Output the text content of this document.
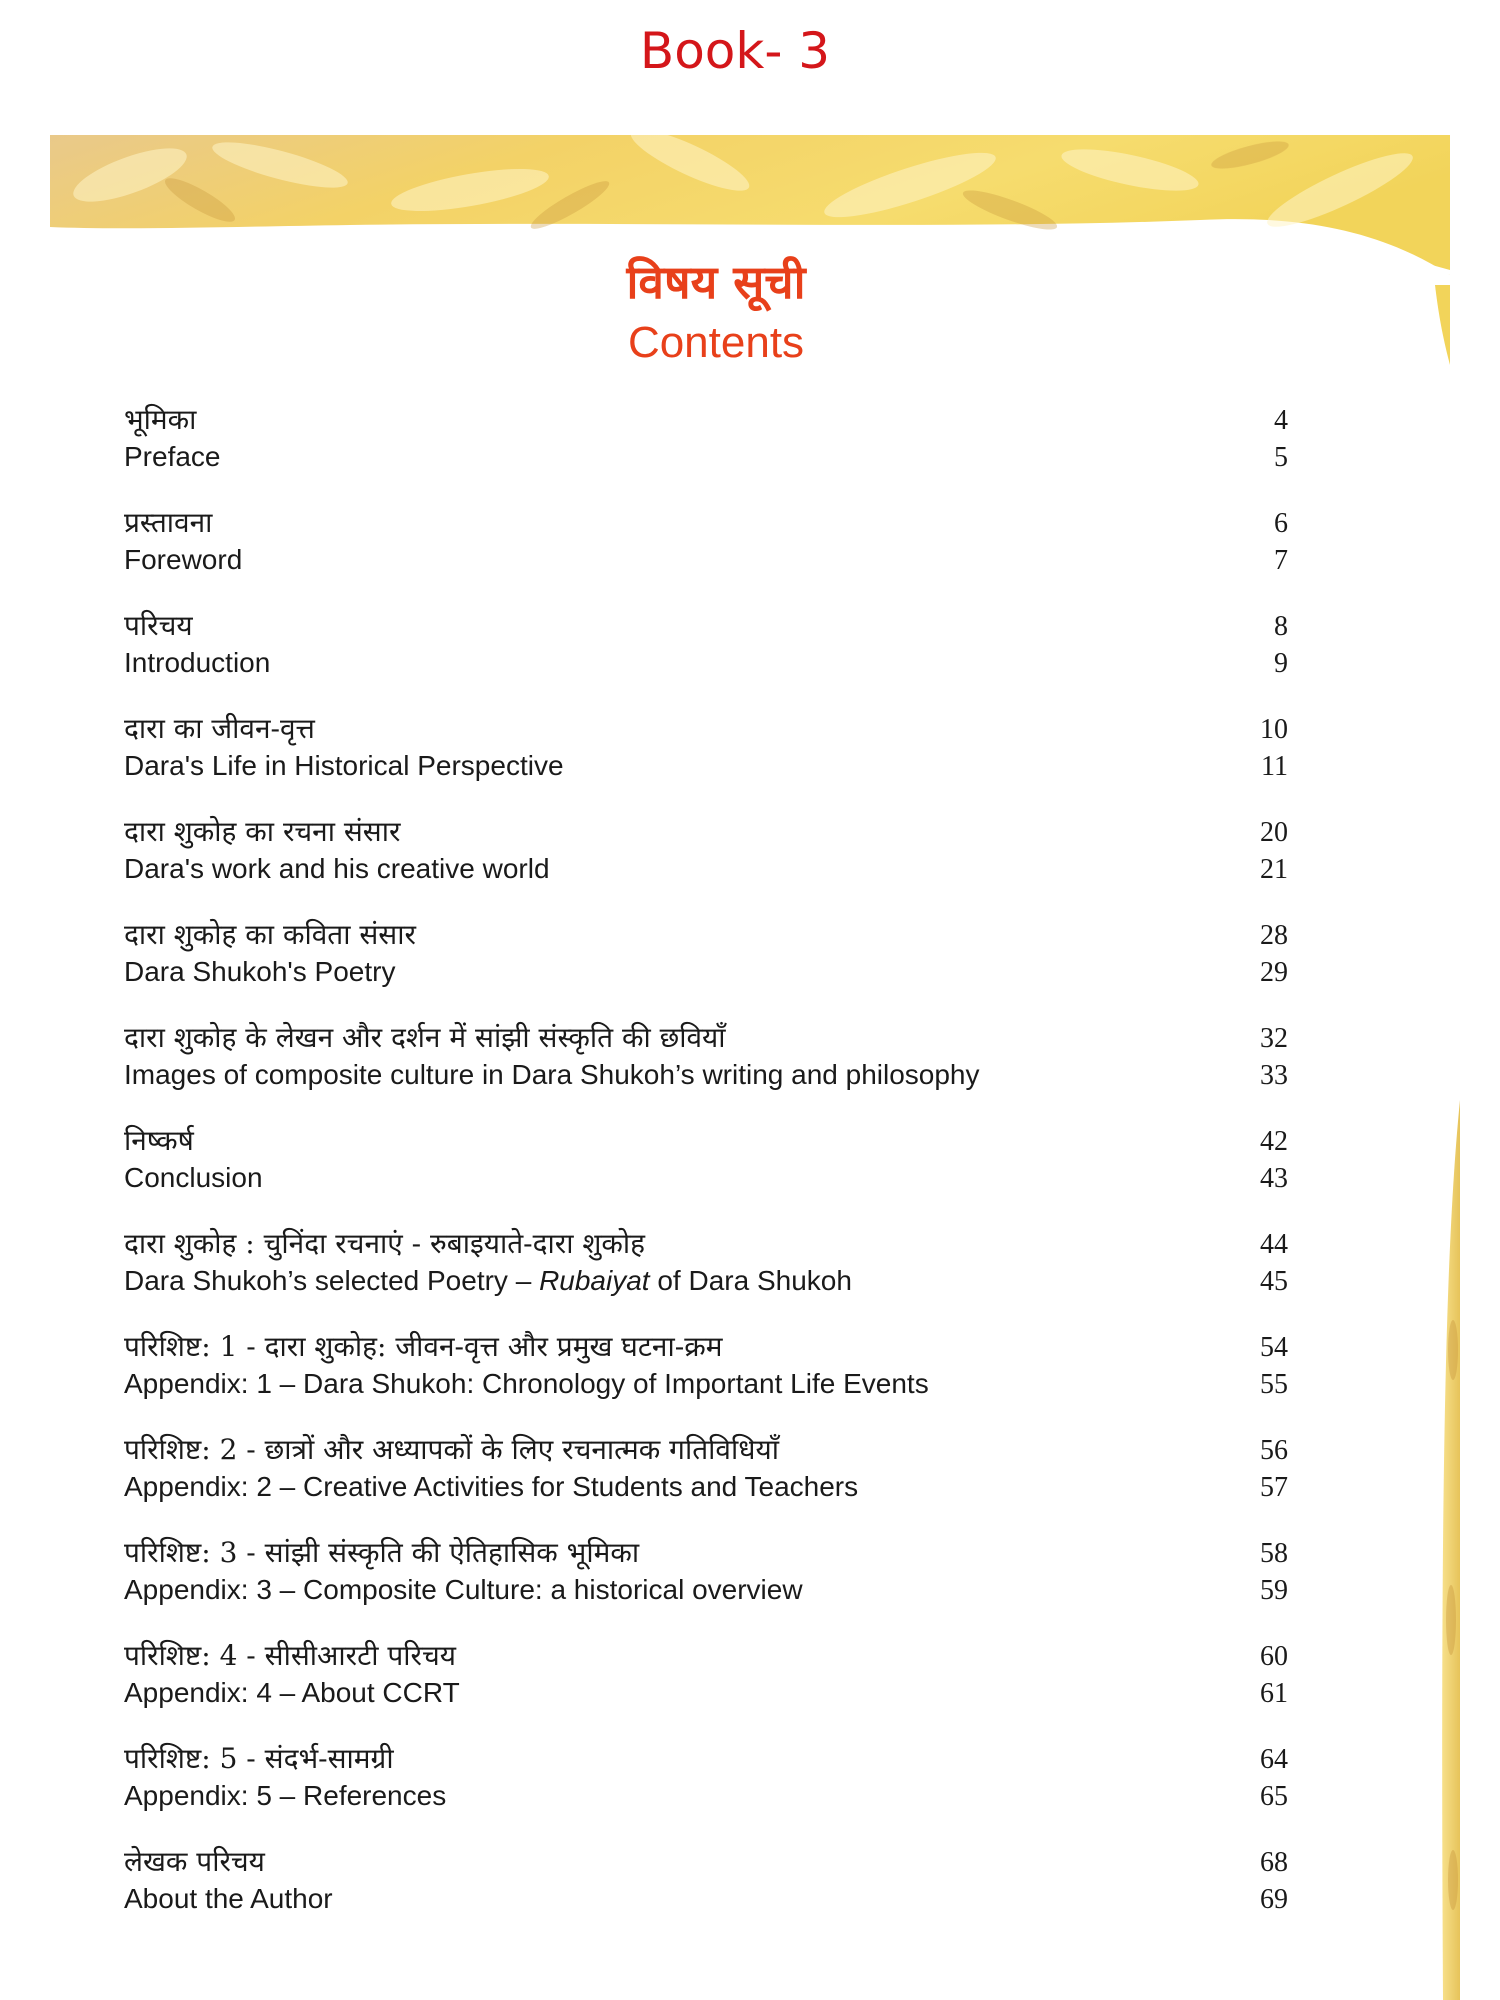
Book- 3
विषय सूची
Contents
भूमिका	4
Preface	5
प्रस्तावना	6
Foreword	7
परिचय	8
Introduction	9
दारा का जीवन-वृत्त	10
Dara's Life in Historical Perspective	11
दारा शुकोह का रचना संसार	20
Dara's work and his creative world	21
दारा शुकोह का कविता संसार	28
Dara Shukoh's Poetry	29
दारा शुकोह के लेखन और दर्शन में सांझी संस्कृति की छवियाँ	32
Images of composite culture in Dara Shukoh’s writing and philosophy	33
निष्कर्ष	42
Conclusion	43
दारा शुकोह : चुनिंदा रचनाएं - रुबाइयाते-दारा शुकोह	44
Dara Shukoh’s selected Poetry – Rubaiyat of Dara Shukoh	45
परिशिष्ट: 1 - दारा शुकोह: जीवन-वृत्त और प्रमुख घटना-क्रम	54
Appendix: 1 – Dara Shukoh: Chronology of Important Life Events	55
परिशिष्ट: 2 - छात्रों और अध्यापकों के लिए रचनात्मक गतिविधियाँ	56
Appendix: 2 – Creative Activities for Students and Teachers	57
परिशिष्ट: 3 - सांझी संस्कृति की ऐतिहासिक भूमिका	58
Appendix: 3 – Composite Culture: a historical overview	59
परिशिष्ट: 4 - सीसीआरटी परिचय	60
Appendix: 4 – About CCRT	61
परिशिष्ट: 5 - संदर्भ-सामग्री	64
Appendix: 5 – References	65
लेखक परिचय	68
About the Author	69
